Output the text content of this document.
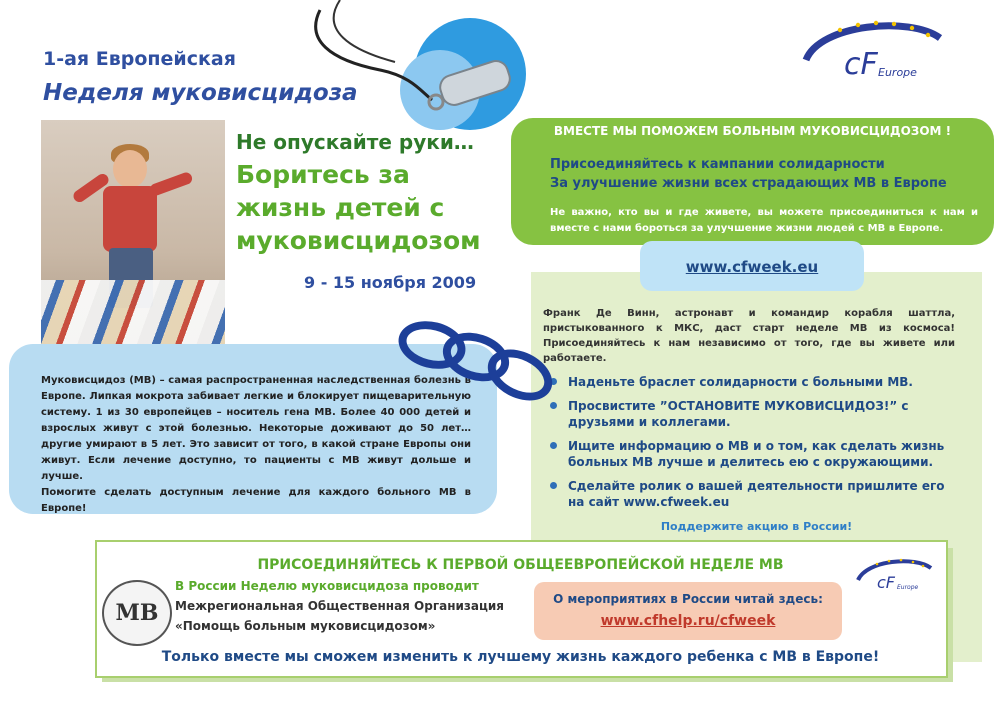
1-ая Европейская
Неделя муковисцидоза
Не опускайте руки…
Боритесь за жизнь детей с муковисцидозом
9 - 15 ноября 2009
cF Europe
ВМЕСТЕ МЫ ПОМОЖЕМ БОЛЬНЫМ МУКОВИСЦИДОЗОМ !
Присоединяйтесь к кампании солидарности
За улучшение жизни всех страдающих МВ в Европе
Не важно, кто вы и где живете, вы можете присоединиться к нам и вместе с нами бороться за улучшение жизни людей с МВ в Европе.
www.cfweek.eu
Франк Де Винн, астронавт и командир корабля шаттла, пристыкованного к МКС, даст старт неделе МВ из космоса! Присоединяйтесь к нам независимо от того, где вы живете или работаете.
Наденьте браслет солидарности с больными МВ.
Просвистите ”ОСТАНОВИТЕ МУКОВИСЦИДОЗ!” с друзьями и коллегами.
Ищите информацию о МВ и о том, как сделать жизнь больных МВ лучше и делитесь ею с окружающими.
Сделайте ролик о вашей деятельности пришлите его на сайт www.cfweek.eu
Поддержите акцию в России!
Муковисцидоз (МВ) – самая распространенная наследственная болезнь в Европе. Липкая мокрота забивает легкие и блокирует пищеварительную систему. 1 из 30 европейцев – носитель гена МВ. Более 40 000 детей и взрослых живут с этой болезнью. Некоторые доживают до 50 лет… другие умирают в 5 лет. Это зависит от того, в какой стране Европы они живут. Если лечение доступно, то пациенты с МВ живут дольше и лучше.
Помогите сделать доступным лечение для каждого больного МВ в Европе!
ПРИСОЕДИНЯЙТЕСЬ К ПЕРВОЙ ОБЩЕЕВРОПЕЙСКОЙ НЕДЕЛЕ МВ
МВ
В России Неделю муковисцидоза проводит
Межрегиональная Общественная Организация
«Помощь больным муковисцидозом»
О мероприятиях в России читай здесь:
www.cfhelp.ru/cfweek
cF Europe
Только вместе мы сможем изменить к лучшему жизнь каждого ребенка с МВ в Европе!
